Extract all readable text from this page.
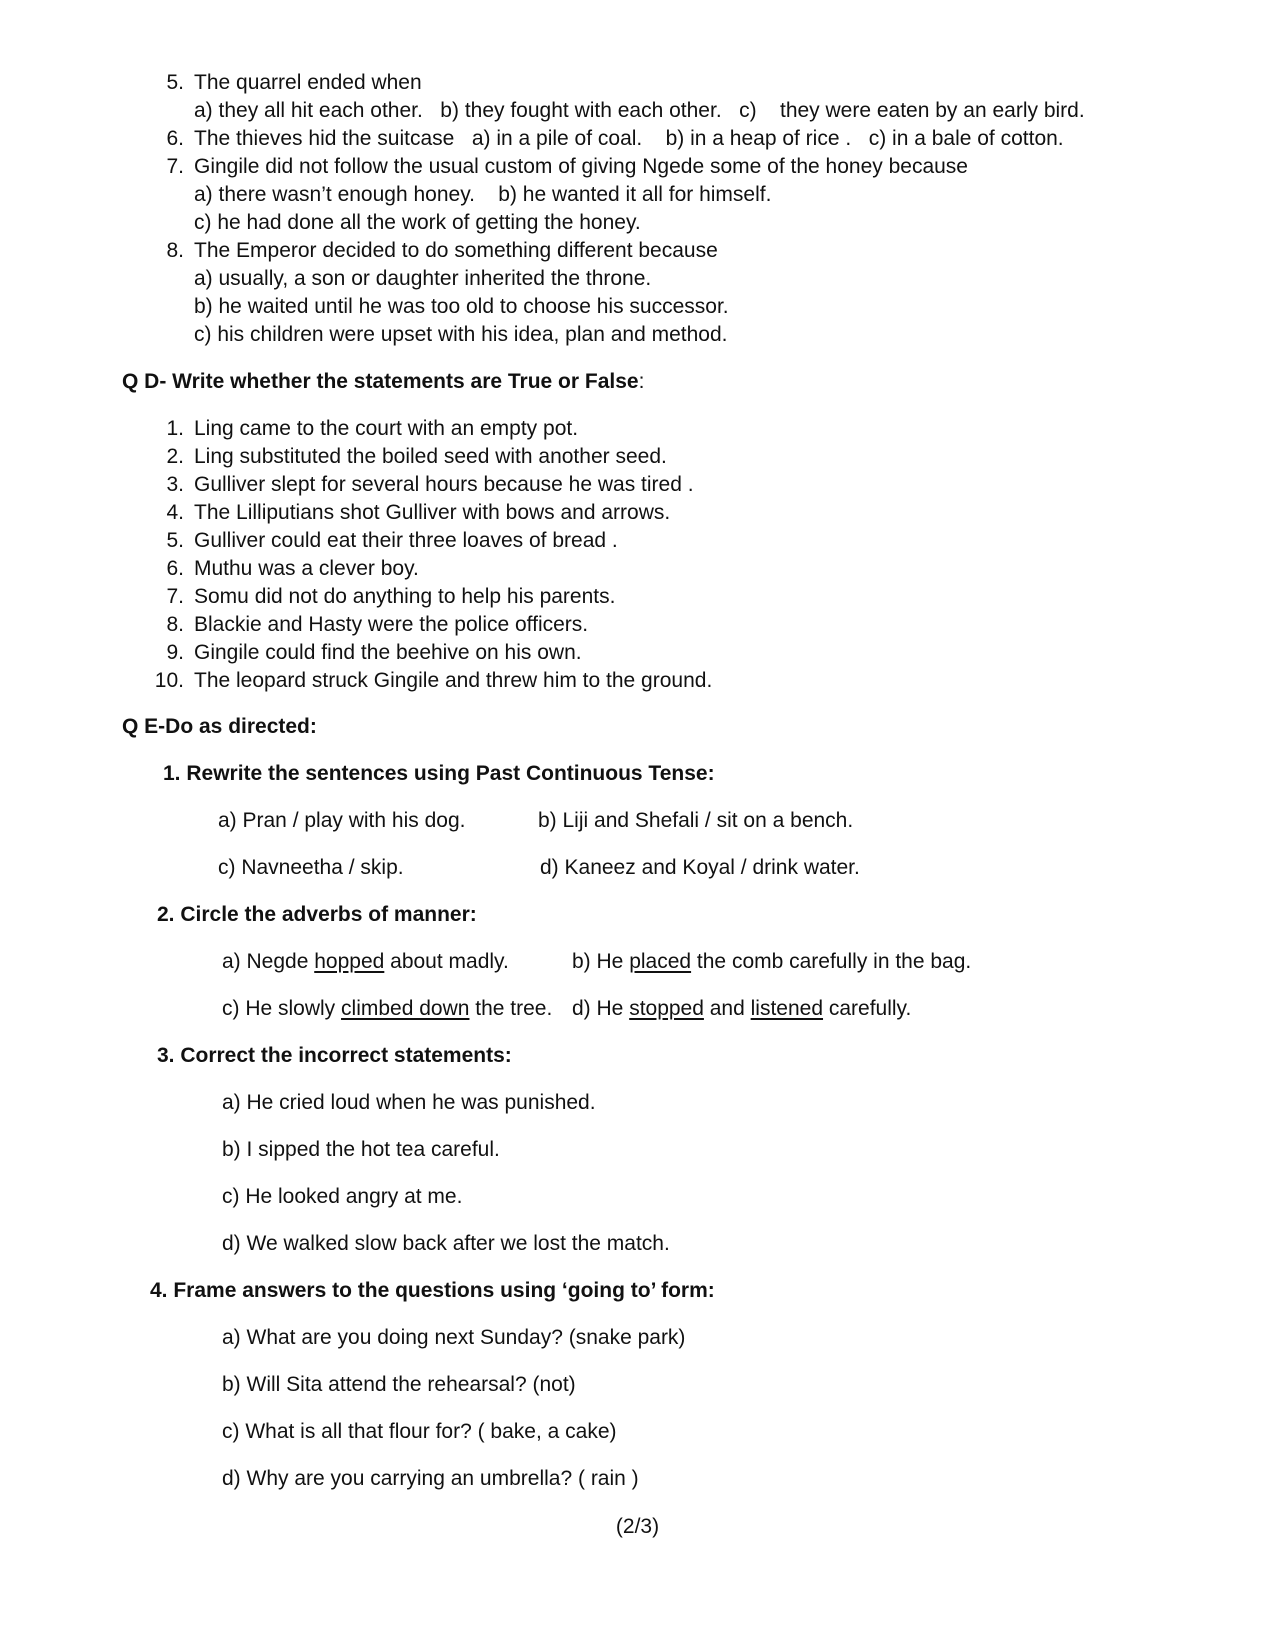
5. The quarrel ended when
a) they all hit each other.   b) they fought with each other.   c)    they were eaten by an early bird.
6. The thieves hid the suitcase   a) in a pile of coal.    b) in a heap of rice .   c) in a bale of cotton.
7. Gingile did not follow the usual custom of giving Ngede some of the honey because
a) there wasn’t enough honey.    b) he wanted it all for himself.
c) he had done all the work of getting the honey.
8. The Emperor decided to do something different because
a) usually, a son or daughter inherited the throne.
b) he waited until he was too old to choose his successor.
c) his children were upset with his idea, plan and method.
Q D- Write whether the statements are True or False:
1. Ling came to the court with an empty pot.
2. Ling substituted the boiled seed with another seed.
3. Gulliver slept for several hours because he was tired .
4. The Lilliputians shot Gulliver with bows and arrows.
5. Gulliver could eat their three loaves of bread .
6. Muthu was a clever boy.
7. Somu did not do anything to help his parents.
8. Blackie and Hasty were the police officers.
9. Gingile could find the beehive on his own.
10. The leopard struck Gingile and threw him to the ground.
Q E-Do as directed:
1. Rewrite the sentences using Past Continuous Tense:
a) Pran / play with his dog.	b) Liji and Shefali / sit on a bench.
c) Navneetha / skip.	d) Kaneez and Koyal / drink water.
2. Circle the adverbs of manner:
a) Negde hopped about madly.	b) He placed the comb carefully in the bag.
c) He slowly climbed down the tree. d) He stopped and listened carefully.
3. Correct the incorrect statements:
a) He cried loud when he was punished.
b) I sipped the hot tea careful.
c) He looked angry at me.
d) We walked slow back after we lost the match.
4. Frame answers to the questions using ‘going to’ form:
a) What are you doing next Sunday? (snake park)
b) Will Sita attend the rehearsal? (not)
c) What is all that flour for? ( bake, a cake)
d) Why are you carrying an umbrella? ( rain )
(2/3)
